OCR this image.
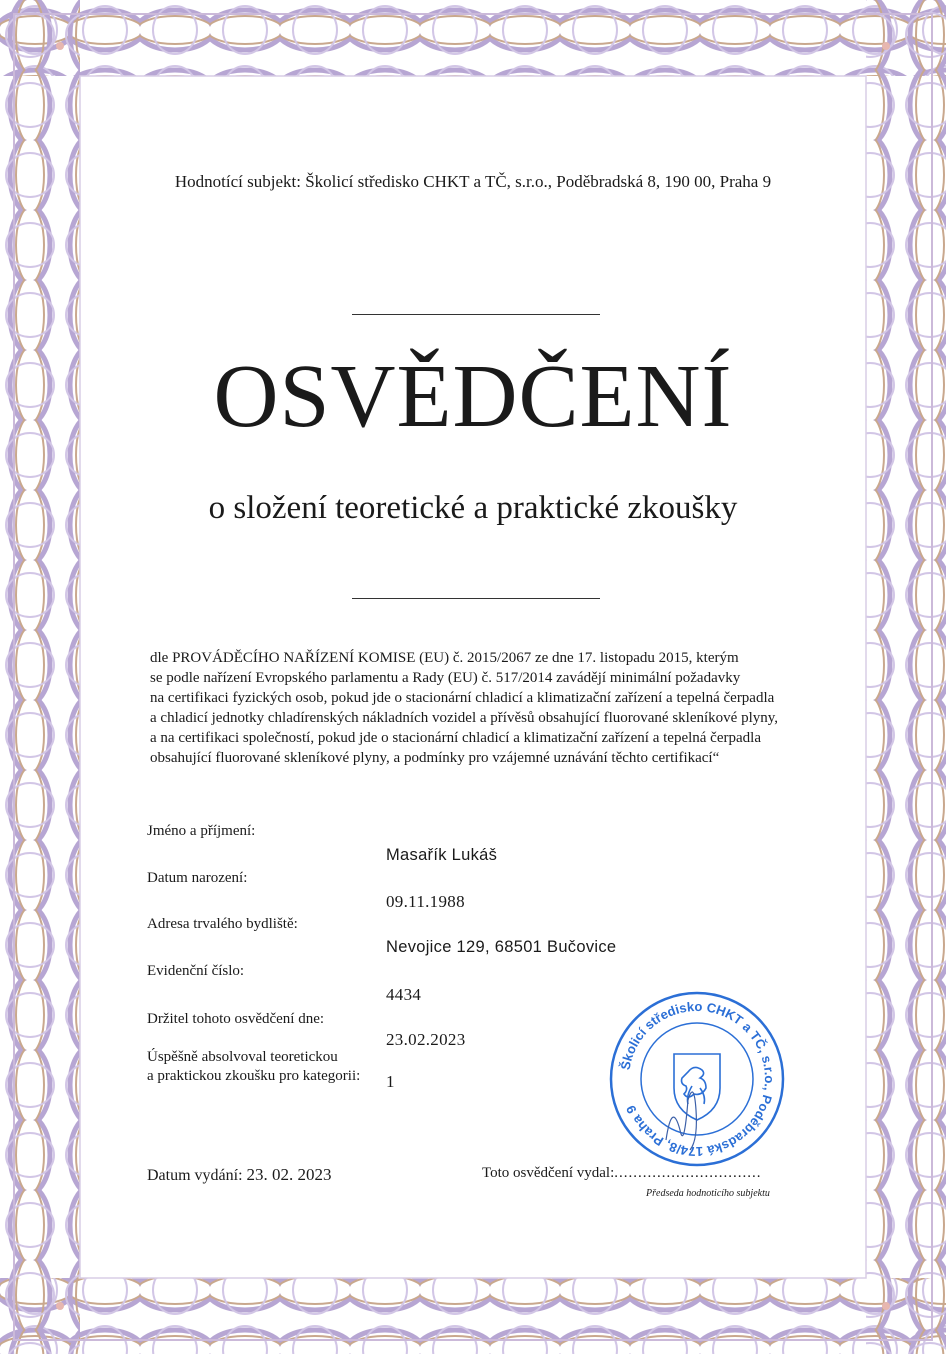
Hodnotící subjekt: Školicí středisko CHKT a TČ, s.r.o., Poděbradská 8, 190 00, Praha 9
OSVĚDČENÍ
o složení teoretické a praktické zkoušky
dle PROVÁDĚCÍHO NAŘÍZENÍ KOMISE (EU) č. 2015/2067 ze dne 17. listopadu 2015, kterým
se podle nařízení Evropského parlamentu a Rady (EU) č. 517/2014 zavádějí minimální požadavky
na certifikaci fyzických osob, pokud jde o stacionární chladicí a klimatizační zařízení a tepelná čerpadla
a chladicí jednotky chladírenských nákladních vozidel a přívěsů obsahující fluorované skleníkové plyny,
a na certifikaci společností, pokud jde o stacionární chladicí a klimatizační zařízení a tepelná čerpadla
obsahující fluorované skleníkové plyny, a podmínky pro vzájemné uznávání těchto certifikací“
Jméno a příjmení:
Masařík Lukáš
Datum narození:
09.11.1988
Adresa trvalého bydliště:
Nevojice 129, 68501 Bučovice
Evidenční číslo:
4434
Držitel tohoto osvědčení dne:
23.02.2023
Úspěšně absolvoval teoretickou
a praktickou zkoušku pro kategorii: 1
Datum vydání: 23. 02. 2023	Toto osvědčení vydal:...............................
Předseda hodnoticího subjektu
Školicí středisko CHKT a TČ, s.r.o., Poděbradská 174/8, Praha 9
